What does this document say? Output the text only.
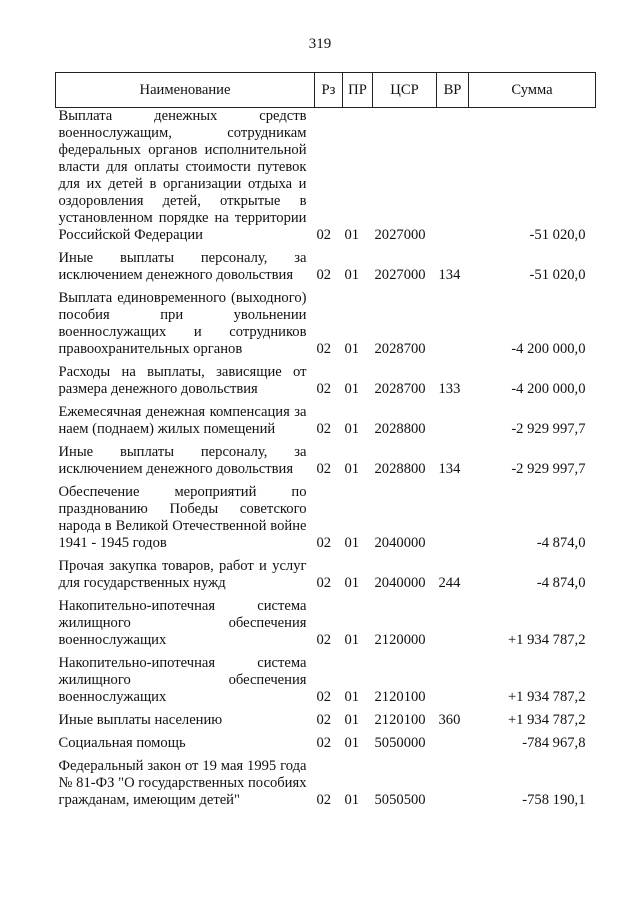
319
Наименование	Рз	ПР	ЦСР	ВР	Сумма
Выплата денежных средств военнослужащим, сотрудникам федеральных органов исполнительной власти для оплаты стоимости путевок для их детей в организации отдыха и оздоровления детей, открытые в установленном порядке на территории Российской Федерации	02	01	2027000		-51 020,0
Иные выплаты персоналу, за исключением денежного довольствия	02	01	2027000	134	-51 020,0
Выплата единовременного (выходного) пособия при увольнении военнослужащих и сотрудников правоохранительных органов	02	01	2028700		-4 200 000,0
Расходы на выплаты, зависящие от размера денежного довольствия	02	01	2028700	133	-4 200 000,0
Ежемесячная денежная компенсация за наем (поднаем) жилых помещений	02	01	2028800		-2 929 997,7
Иные выплаты персоналу, за исключением денежного довольствия	02	01	2028800	134	-2 929 997,7
Обеспечение мероприятий по празднованию Победы советского народа в Великой Отечественной войне 1941 - 1945 годов	02	01	2040000		-4 874,0
Прочая закупка товаров, работ и услуг для государственных нужд	02	01	2040000	244	-4 874,0
Накопительно-ипотечная система жилищного обеспечения военнослужащих	02	01	2120000		+1 934 787,2
Накопительно-ипотечная система жилищного обеспечения военнослужащих	02	01	2120100		+1 934 787,2
Иные выплаты населению	02	01	2120100	360	+1 934 787,2
Социальная помощь	02	01	5050000		-784 967,8
Федеральный закон от 19 мая 1995 года № 81-ФЗ "О государственных пособиях гражданам, имеющим детей"	02	01	5050500		-758 190,1
